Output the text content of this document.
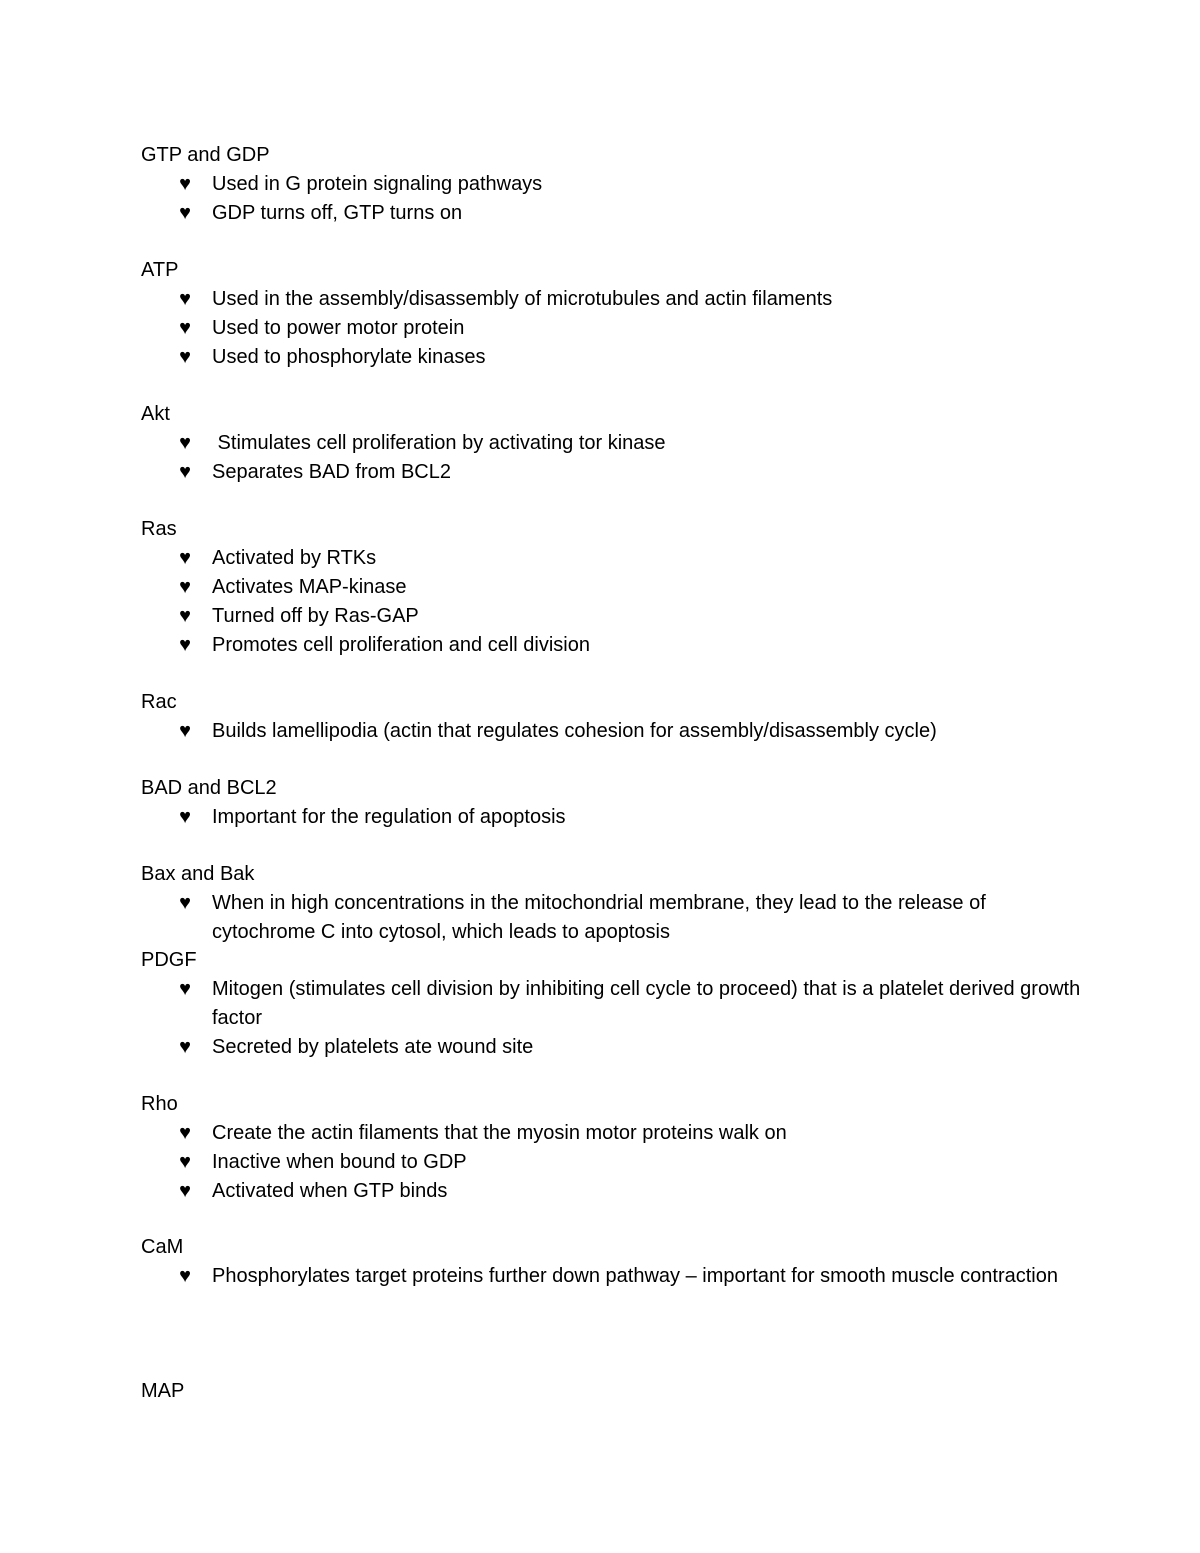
GTP and GDP
♥ Used in G protein signaling pathways
♥ GDP turns off, GTP turns on
ATP
♥ Used in the assembly/disassembly of microtubules and actin filaments
♥ Used to power motor protein
♥ Used to phosphorylate kinases
Akt
♥ Stimulates cell proliferation by activating tor kinase
♥ Separates BAD from BCL2
Ras
♥ Activated by RTKs
♥ Activates MAP-kinase
♥ Turned off by Ras-GAP
♥ Promotes cell proliferation and cell division
Rac
♥ Builds lamellipodia (actin that regulates cohesion for assembly/disassembly cycle)
BAD and BCL2
♥ Important for the regulation of apoptosis
Bax and Bak
♥ When in high concentrations in the mitochondrial membrane, they lead to the release of cytochrome C into cytosol, which leads to apoptosis
PDGF
♥ Mitogen (stimulates cell division by inhibiting cell cycle to proceed) that is a platelet derived growth factor
♥ Secreted by platelets ate wound site
Rho
♥ Create the actin filaments that the myosin motor proteins walk on
♥ Inactive when bound to GDP
♥ Activated when GTP binds
CaM
♥ Phosphorylates target proteins further down pathway – important for smooth muscle contraction
MAP
